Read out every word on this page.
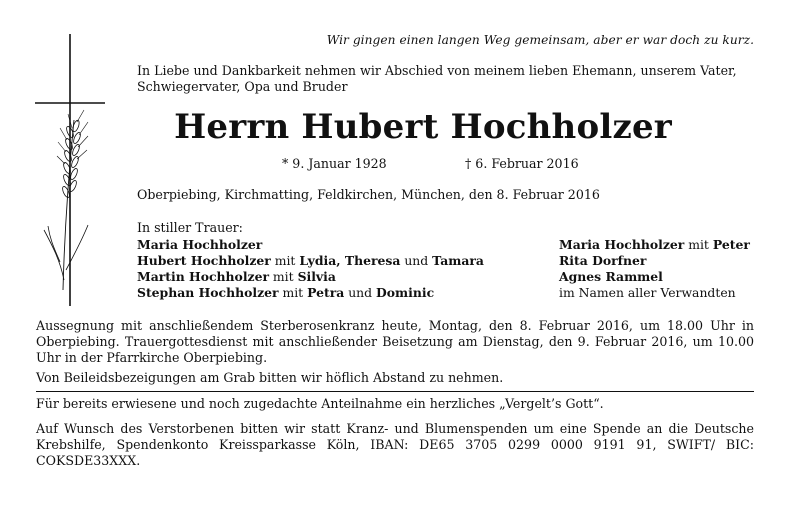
Wir gingen einen langen Weg gemeinsam, aber er war doch zu kurz.
In Liebe und Dankbarkeit nehmen wir Abschied von meinem lieben Ehemann, unserem Vater, Schwiegervater, Opa und Bruder
Herrn Hubert Hochholzer
* 9. Januar 1928	† 6. Februar 2016
Oberpiebing, Kirchmatting, Feldkirchen, München, den 8. Februar 2016
In stiller Trauer:
Maria Hochholzer
Hubert Hochholzer mit Lydia, Theresa und Tamara
Martin Hochholzer mit Silvia
Stephan Hochholzer mit Petra und Dominic
Maria Hochholzer mit Peter
Rita Dorfner
Agnes Rammel
im Namen aller Verwandten
Aussegnung mit anschließendem Sterberosenkranz heute, Montag, den 8. Februar 2016, um 18.00 Uhr in Oberpiebing. Trauergottesdienst mit anschließender Beisetzung am Dienstag, den 9. Februar 2016, um 10.00 Uhr in der Pfarrkirche Oberpiebing.
Von Beileidsbezeigungen am Grab bitten wir höflich Abstand zu nehmen.
Für bereits erwiesene und noch zugedachte Anteilnahme ein herzliches „Vergelt’s Gott“.
Auf Wunsch des Verstorbenen bitten wir statt Kranz- und Blumenspenden um eine Spende an die Deutsche Krebshilfe, Spendenkonto Kreissparkasse Köln, IBAN: DE65 3705 0299 0000 9191 91, SWIFT/ BIC: COKSDE33XXX.
